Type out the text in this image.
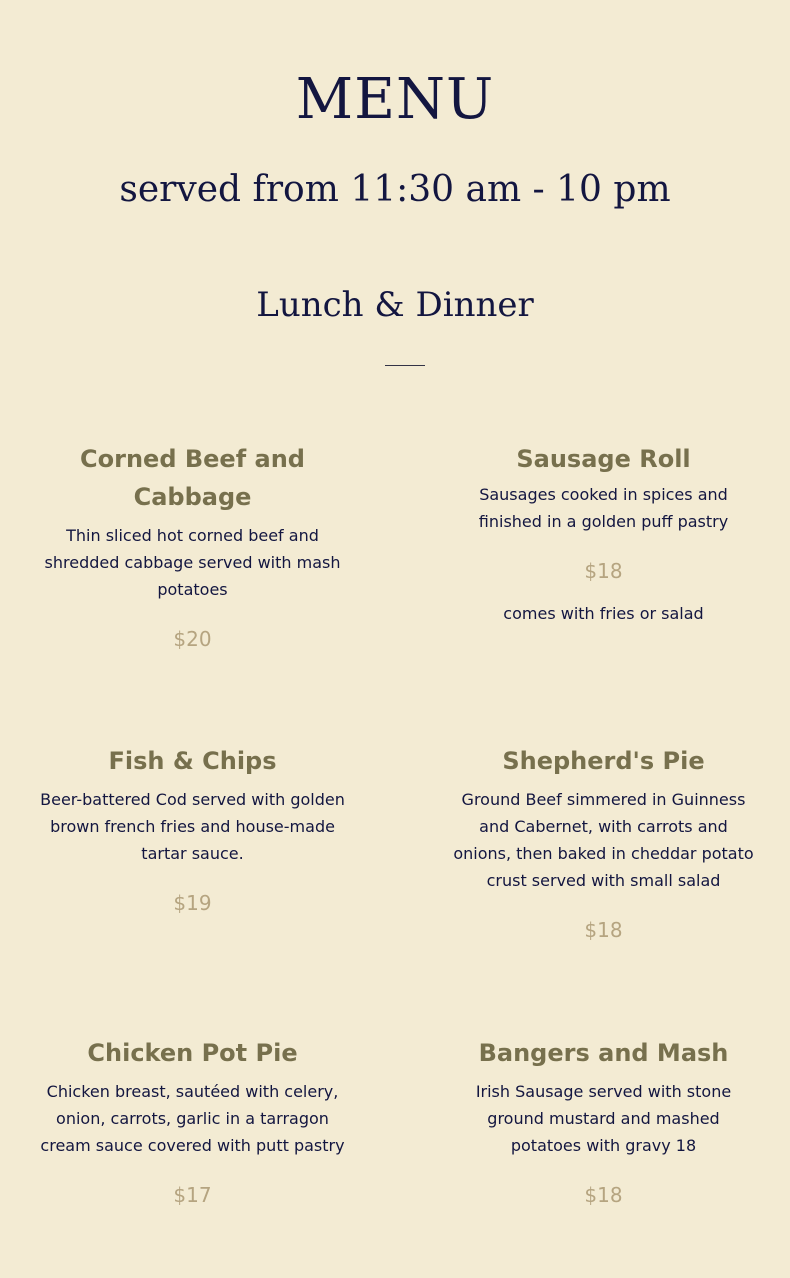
MENU
served from 11:30 am - 10 pm
Lunch & Dinner

Corned Beef and Cabbage

Thin sliced hot corned beef and shredded cabbage served with mash potatoes

$20

Sausage Roll

Sausages cooked in spices and finished in a golden puff pastry

$18

comes with fries or salad

Fish & Chips

Beer-battered Cod served with golden brown french fries and house-made tartar sauce.

$19

Shepherd's Pie

Ground Beef simmered in Guinness and Cabernet, with carrots and onions, then baked in cheddar potato crust served with small salad

$18

Chicken Pot Pie

Chicken breast, sautéed with celery, onion, carrots, garlic in a tarragon cream sauce covered with putt pastry

$17

Bangers and Mash

Irish Sausage served with stone ground mustard and mashed potatoes with gravy 18

$18
